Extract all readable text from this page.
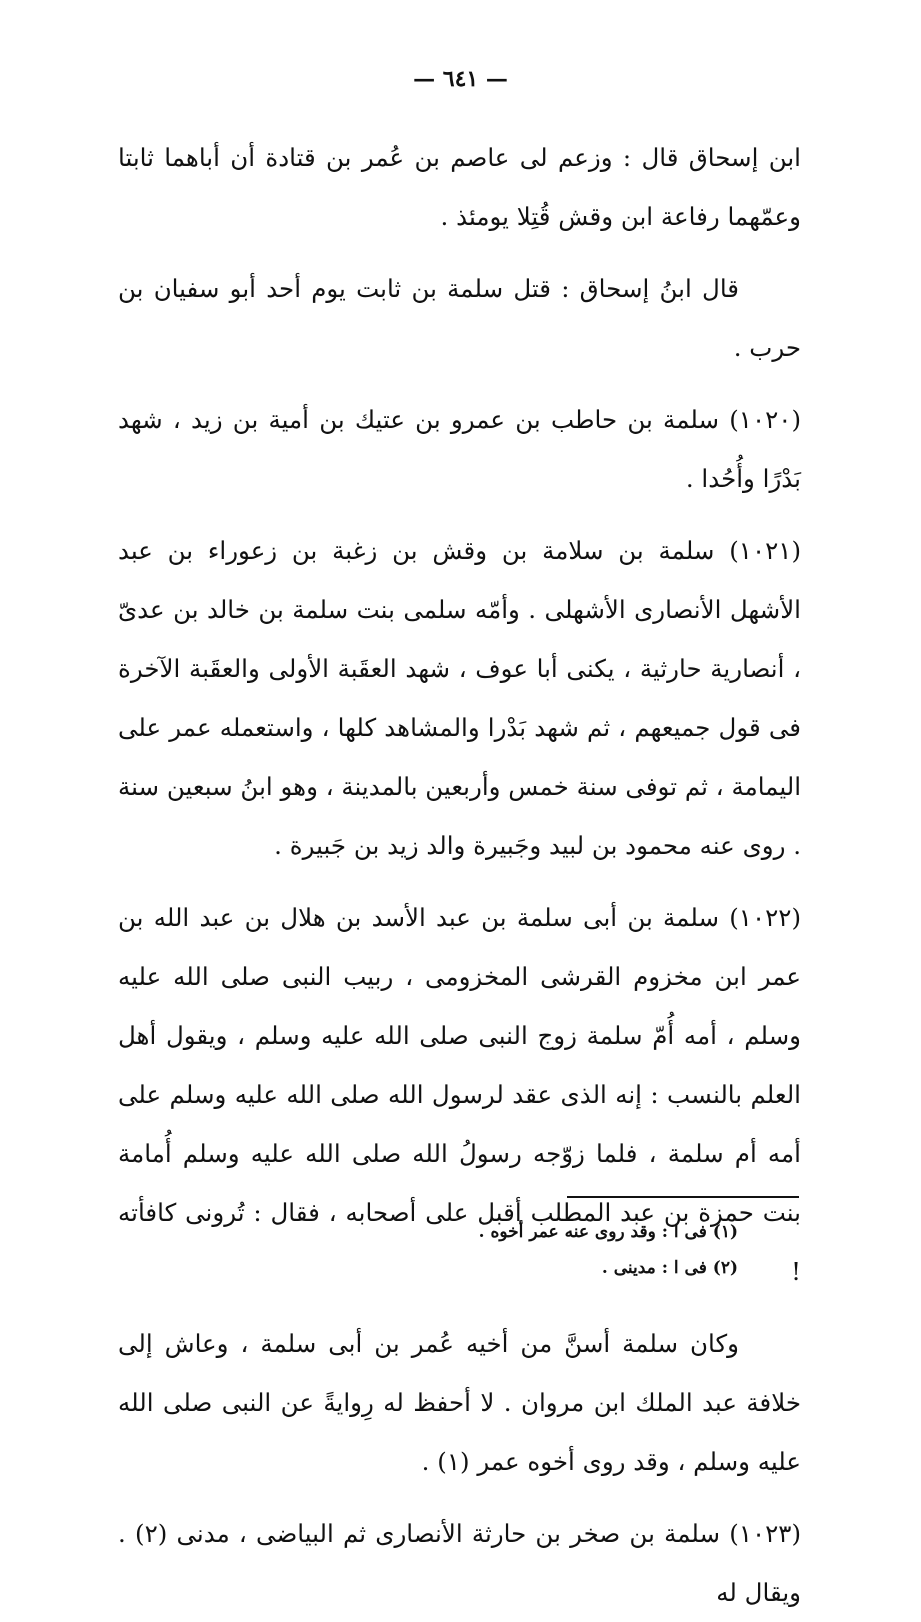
— ٦٤١ —

ابن إسحاق قال : وزعم لى عاصم بن عُمر بن قتادة أن أباهما ثابتا وعمّهما رفاعة ابن وقش قُتِلا يومئذ .

قال ابنُ إسحاق : قتل سلمة بن ثابت يوم أحد أبو سفيان بن حرب .

(١٠٢٠) سلمة بن حاطب بن عمرو بن عتيك بن أمية بن زيد ، شهد بَدْرًا وأُحُدا .

(١٠٢١) سلمة بن سلامة بن وقش بن زغبة بن زعوراء بن عبد الأشهل الأنصارى الأشهلى . وأمّه سلمى بنت سلمة بن خالد بن عدىّ ، أنصارية حارثية ، يكنى أبا عوف ، شهد العقَبة الأولى والعقَبة الآخرة فى قول جميعهم ، ثم شهد بَدْرا والمشاهد كلها ، واستعمله عمر على اليمامة ، ثم توفى سنة خمس وأربعين بالمدينة ، وهو ابنُ سبعين سنة . روى عنه محمود بن لبيد وجَبيرة والد زيد بن جَبيرة .

(١٠٢٢) سلمة بن أبى سلمة بن عبد الأسد بن هلال بن عبد الله بن عمر ابن مخزوم القرشى المخزومى ، ربيب النبى صلى الله عليه وسلم ، أمه أُمّ سلمة زوج النبى صلى الله عليه وسلم ، ويقول أهل العلم بالنسب : إنه الذى عقد لرسول الله صلى الله عليه وسلم على أمه أم سلمة ، فلما زوّجه رسولُ الله صلى الله عليه وسلم أُمامة بنت حمزة بن عبد المطلب أقبل على أصحابه ، فقال : تُرونى كافأته !

وكان سلمة أسنَّ من أخيه عُمر بن أبى سلمة ، وعاش إلى خلافة عبد الملك ابن مروان . لا أحفظ له رِوايةً عن النبى صلى الله عليه وسلم ، وقد روى أخوه عمر (١) .

(١٠٢٣) سلمة بن صخر بن حارثة الأنصارى ثم البياضى ، مدنى (٢) . ويقال له

(١) فى ا : وقد روى عنه عمر أخوه .
(٢) فى ا : مدينى .
